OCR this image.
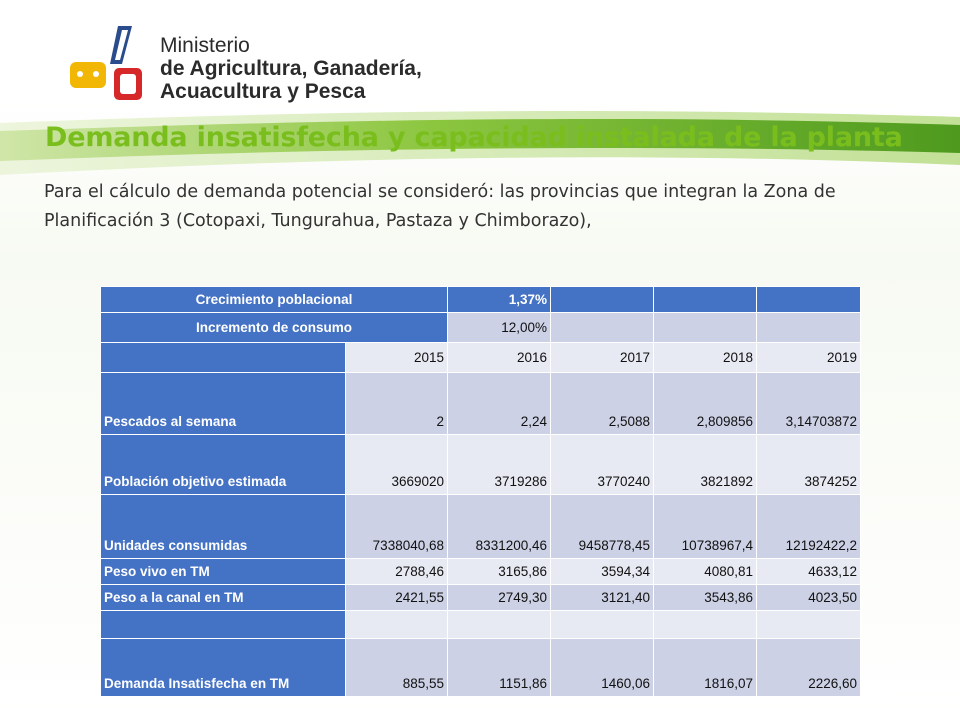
Ministerio
de Agricultura, Ganadería,
Acuacultura y Pesca
Demanda insatisfecha y capacidad instalada de la planta
Para el cálculo de demanda potencial se consideró: las provincias que integran la Zona de Planificación 3 (Cotopaxi, Tungurahua, Pastaza y Chimborazo),
Crecimiento poblacional		1,37%			
Incremento de consumo		12,00%			
	2015	2016	2017	2018	2019
Pescados al semana	2	2,24	2,5088	2,809856	3,14703872
Población objetivo estimada	3669020	3719286	3770240	3821892	3874252
Unidades consumidas	7338040,68	8331200,46	9458778,45	10738967,4	12192422,2
Peso vivo en TM	2788,46	3165,86	3594,34	4080,81	4633,12
Peso a la canal en TM	2421,55	2749,30	3121,40	3543,86	4023,50

Demanda Insatisfecha en TM	885,55	1151,86	1460,06	1816,07	2226,60
